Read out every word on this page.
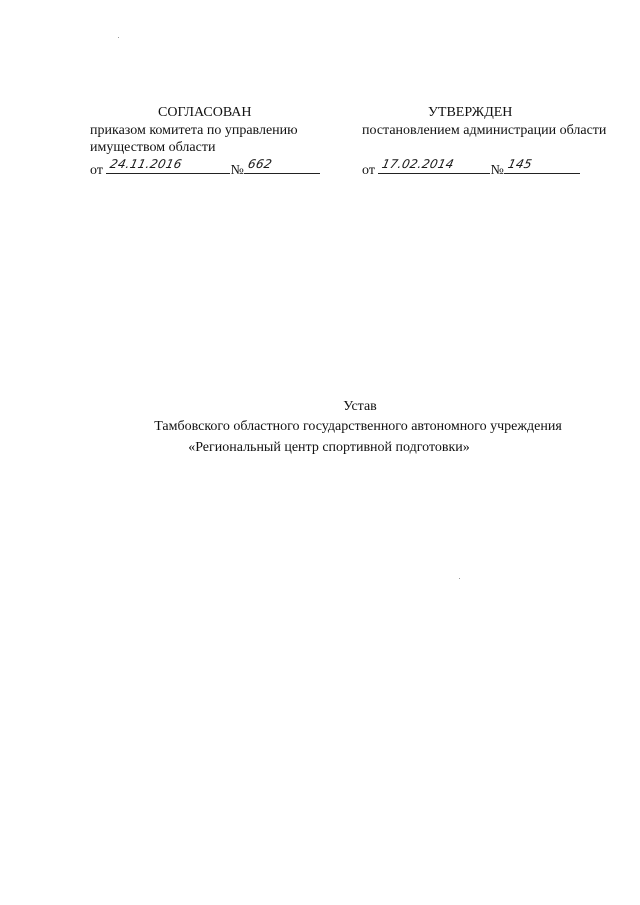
СОГЛАСОВАН
приказом комитета по управлению
имуществом области
от 24.11.2016	№ 662
УТВЕРЖДЕН
постановлением администрации области
от 17.02.2014 № 145
Устав
Тамбовского областного государственного автономного учреждения
«Региональный центр спортивной подготовки»
